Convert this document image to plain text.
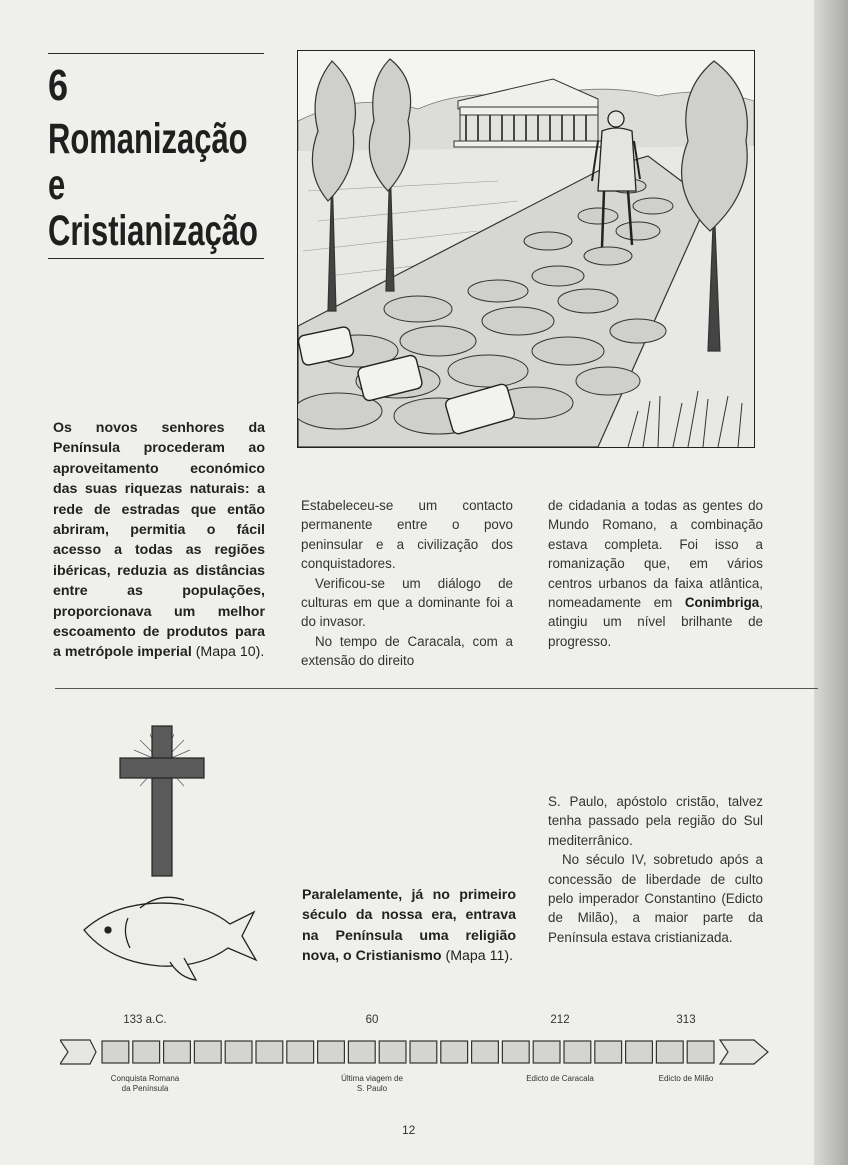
6
Romanização
e
Cristianização
Os novos senhores da Península procederam ao aproveitamento económico das suas riquezas naturais: a rede de estradas que então abriram, permitia o fácil acesso a todas as regiões ibéricas, reduzia as distâncias entre as populações, proporcionava um melhor escoamento de produtos para a metrópole imperial (Mapa 10).

Estabeleceu-se um contacto permanente entre o povo peninsular e a civilização dos conquistadores.

Verificou-se um diálogo de culturas em que a dominante foi a do invasor.

No tempo de Caracala, com a extensão do direito

de cidadania a todas as gentes do Mundo Romano, a combinação estava completa. Foi isso a romanização que, em vários centros urbanos da faixa atlântica, nomeadamente em Conimbriga, atingiu um nível brilhante de progresso.

Paralelamente, já no primeiro século da nossa era, entrava na Península uma religião nova, o Cristianismo (Mapa 11).

S. Paulo, apóstolo cristão, talvez tenha passado pela região do Sul mediterrânico.

No século IV, sobretudo após a concessão de liberdade de culto pelo imperador Constantino (Edicto de Milão), a maior parte da Península estava cristianizada.

133 a.C.	60	212	313
Conquista Romana da Península
Última viagem de S. Paulo
Edicto de Caracala	Edicto de Milão
12
